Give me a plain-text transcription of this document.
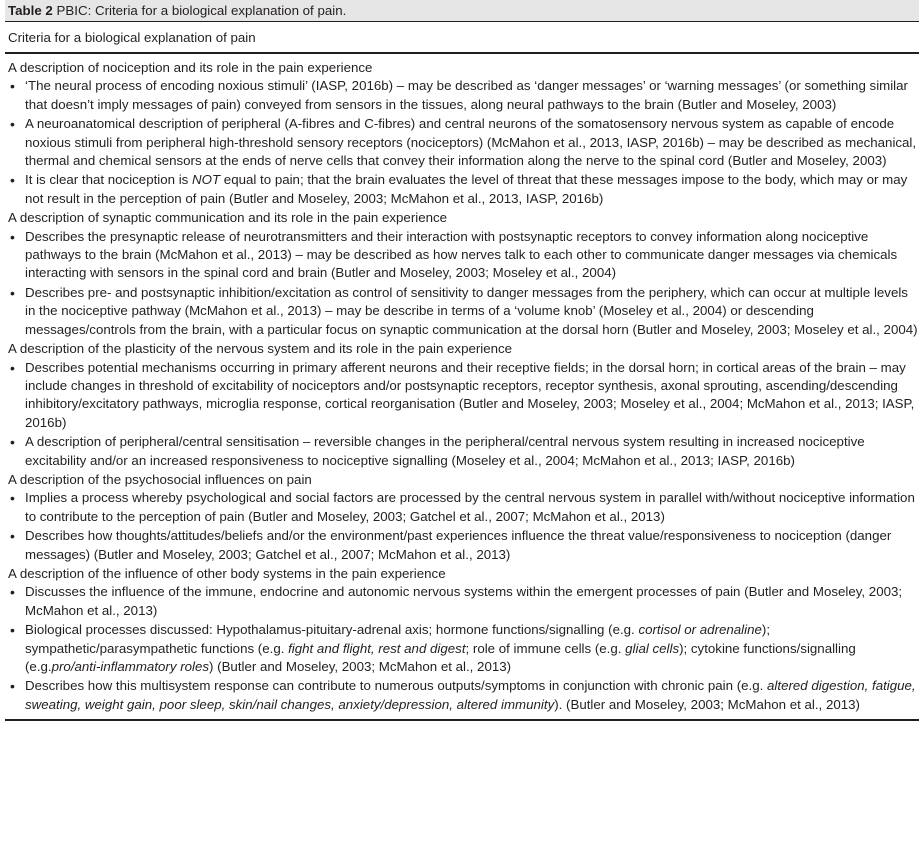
Table 2 PBIC: Criteria for a biological explanation of pain.
Criteria for a biological explanation of pain
A description of nociception and its role in the pain experience
• ‘The neural process of encoding noxious stimuli’ (IASP, 2016b) – may be described as ‘danger messages’ or ‘warning messages’ (or something similar that doesn’t imply messages of pain) conveyed from sensors in the tissues, along neural pathways to the brain (Butler and Moseley, 2003)
• A neuroanatomical description of peripheral (A-fibres and C-fibres) and central neurons of the somatosensory nervous system as capable of encode noxious stimuli from peripheral high-threshold sensory receptors (nociceptors) (McMahon et al., 2013, IASP, 2016b) – may be described as mechanical, thermal and chemical sensors at the ends of nerve cells that convey their information along the nerve to the spinal cord (Butler and Moseley, 2003)
• It is clear that nociception is NOT equal to pain; that the brain evaluates the level of threat that these messages impose to the body, which may or may not result in the perception of pain (Butler and Moseley, 2003; McMahon et al., 2013, IASP, 2016b)
A description of synaptic communication and its role in the pain experience
• Describes the presynaptic release of neurotransmitters and their interaction with postsynaptic receptors to convey information along nociceptive pathways to the brain (McMahon et al., 2013) – may be described as how nerves talk to each other to communicate danger messages via chemicals interacting with sensors in the spinal cord and brain (Butler and Moseley, 2003; Moseley et al., 2004)
• Describes pre- and postsynaptic inhibition/excitation as control of sensitivity to danger messages from the periphery, which can occur at multiple levels in the nociceptive pathway (McMahon et al., 2013) – may be describe in terms of a ‘volume knob’ (Moseley et al., 2004) or descending messages/controls from the brain, with a particular focus on synaptic communication at the dorsal horn (Butler and Moseley, 2003; Moseley et al., 2004)
A description of the plasticity of the nervous system and its role in the pain experience
• Describes potential mechanisms occurring in primary afferent neurons and their receptive fields; in the dorsal horn; in cortical areas of the brain – may include changes in threshold of excitability of nociceptors and/or postsynaptic receptors, receptor synthesis, axonal sprouting, ascending/descending inhibitory/excitatory pathways, microglia response, cortical reorganisation (Butler and Moseley, 2003; Moseley et al., 2004; McMahon et al., 2013; IASP, 2016b)
• A description of peripheral/central sensitisation – reversible changes in the peripheral/central nervous system resulting in increased nociceptive excitability and/or an increased responsiveness to nociceptive signalling (Moseley et al., 2004; McMahon et al., 2013; IASP, 2016b)
A description of the psychosocial influences on pain
• Implies a process whereby psychological and social factors are processed by the central nervous system in parallel with/without nociceptive information to contribute to the perception of pain (Butler and Moseley, 2003; Gatchel et al., 2007; McMahon et al., 2013)
• Describes how thoughts/attitudes/beliefs and/or the environment/past experiences influence the threat value/responsiveness to nociception (danger messages) (Butler and Moseley, 2003; Gatchel et al., 2007; McMahon et al., 2013)
A description of the influence of other body systems in the pain experience
• Discusses the influence of the immune, endocrine and autonomic nervous systems within the emergent processes of pain (Butler and Moseley, 2003; McMahon et al., 2013)
• Biological processes discussed: Hypothalamus-pituitary-adrenal axis; hormone functions/signalling (e.g. cortisol or adrenaline); sympathetic/parasympathetic functions (e.g. fight and flight, rest and digest; role of immune cells (e.g. glial cells); cytokine functions/signalling (e.g.pro/anti-inflammatory roles) (Butler and Moseley, 2003; McMahon et al., 2013)
• Describes how this multisystem response can contribute to numerous outputs/symptoms in conjunction with chronic pain (e.g. altered digestion, fatigue, sweating, weight gain, poor sleep, skin/nail changes, anxiety/depression, altered immunity). (Butler and Moseley, 2003; McMahon et al., 2013)
